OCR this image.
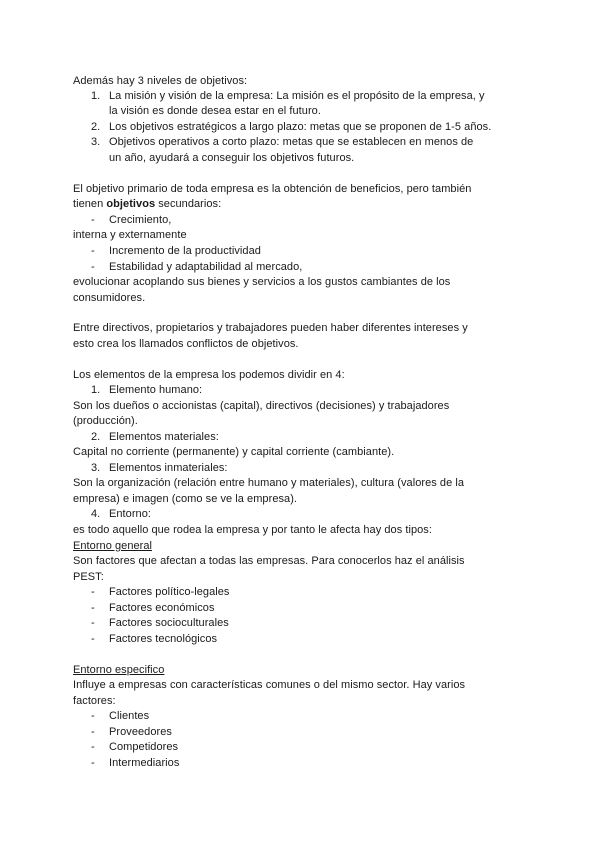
Además hay 3 niveles de objetivos:
1. La misión y visión de la empresa: La misión es el propósito de la empresa, y
la visión es donde desea estar en el futuro.
2. Los objetivos estratégicos a largo plazo: metas que se proponen de 1-5 años.
3. Objetivos operativos a corto plazo: metas que se establecen en menos de
un año, ayudará a conseguir los objetivos futuros.
El objetivo primario de toda empresa es la obtención de beneficios, pero también
tienen objetivos secundarios:
- Crecimiento,
interna y externamente
- Incremento de la productividad
- Estabilidad y adaptabilidad al mercado,
evolucionar acoplando sus bienes y servicios a los gustos cambiantes de los
consumidores.
Entre directivos, propietarios y trabajadores pueden haber diferentes intereses y
esto crea los llamados conflictos de objetivos.
Los elementos de la empresa los podemos dividir en 4:
1. Elemento humano:
Son los dueños o accionistas (capital), directivos (decisiones) y trabajadores
(producción).
2. Elementos materiales:
Capital no corriente (permanente) y capital corriente (cambiante).
3. Elementos inmateriales:
Son la organización (relación entre humano y materiales), cultura (valores de la
empresa) e imagen (como se ve la empresa).
4. Entorno:
es todo aquello que rodea la empresa y por tanto le afecta hay dos tipos:
Entorno general
Son factores que afectan a todas las empresas. Para conocerlos haz el análisis
PEST:
- Factores político-legales
- Factores económicos
- Factores socioculturales
- Factores tecnológicos
Entorno especifico
Influye a empresas con características comunes o del mismo sector. Hay varios
factores:
- Clientes
- Proveedores
- Competidores
- Intermediarios
